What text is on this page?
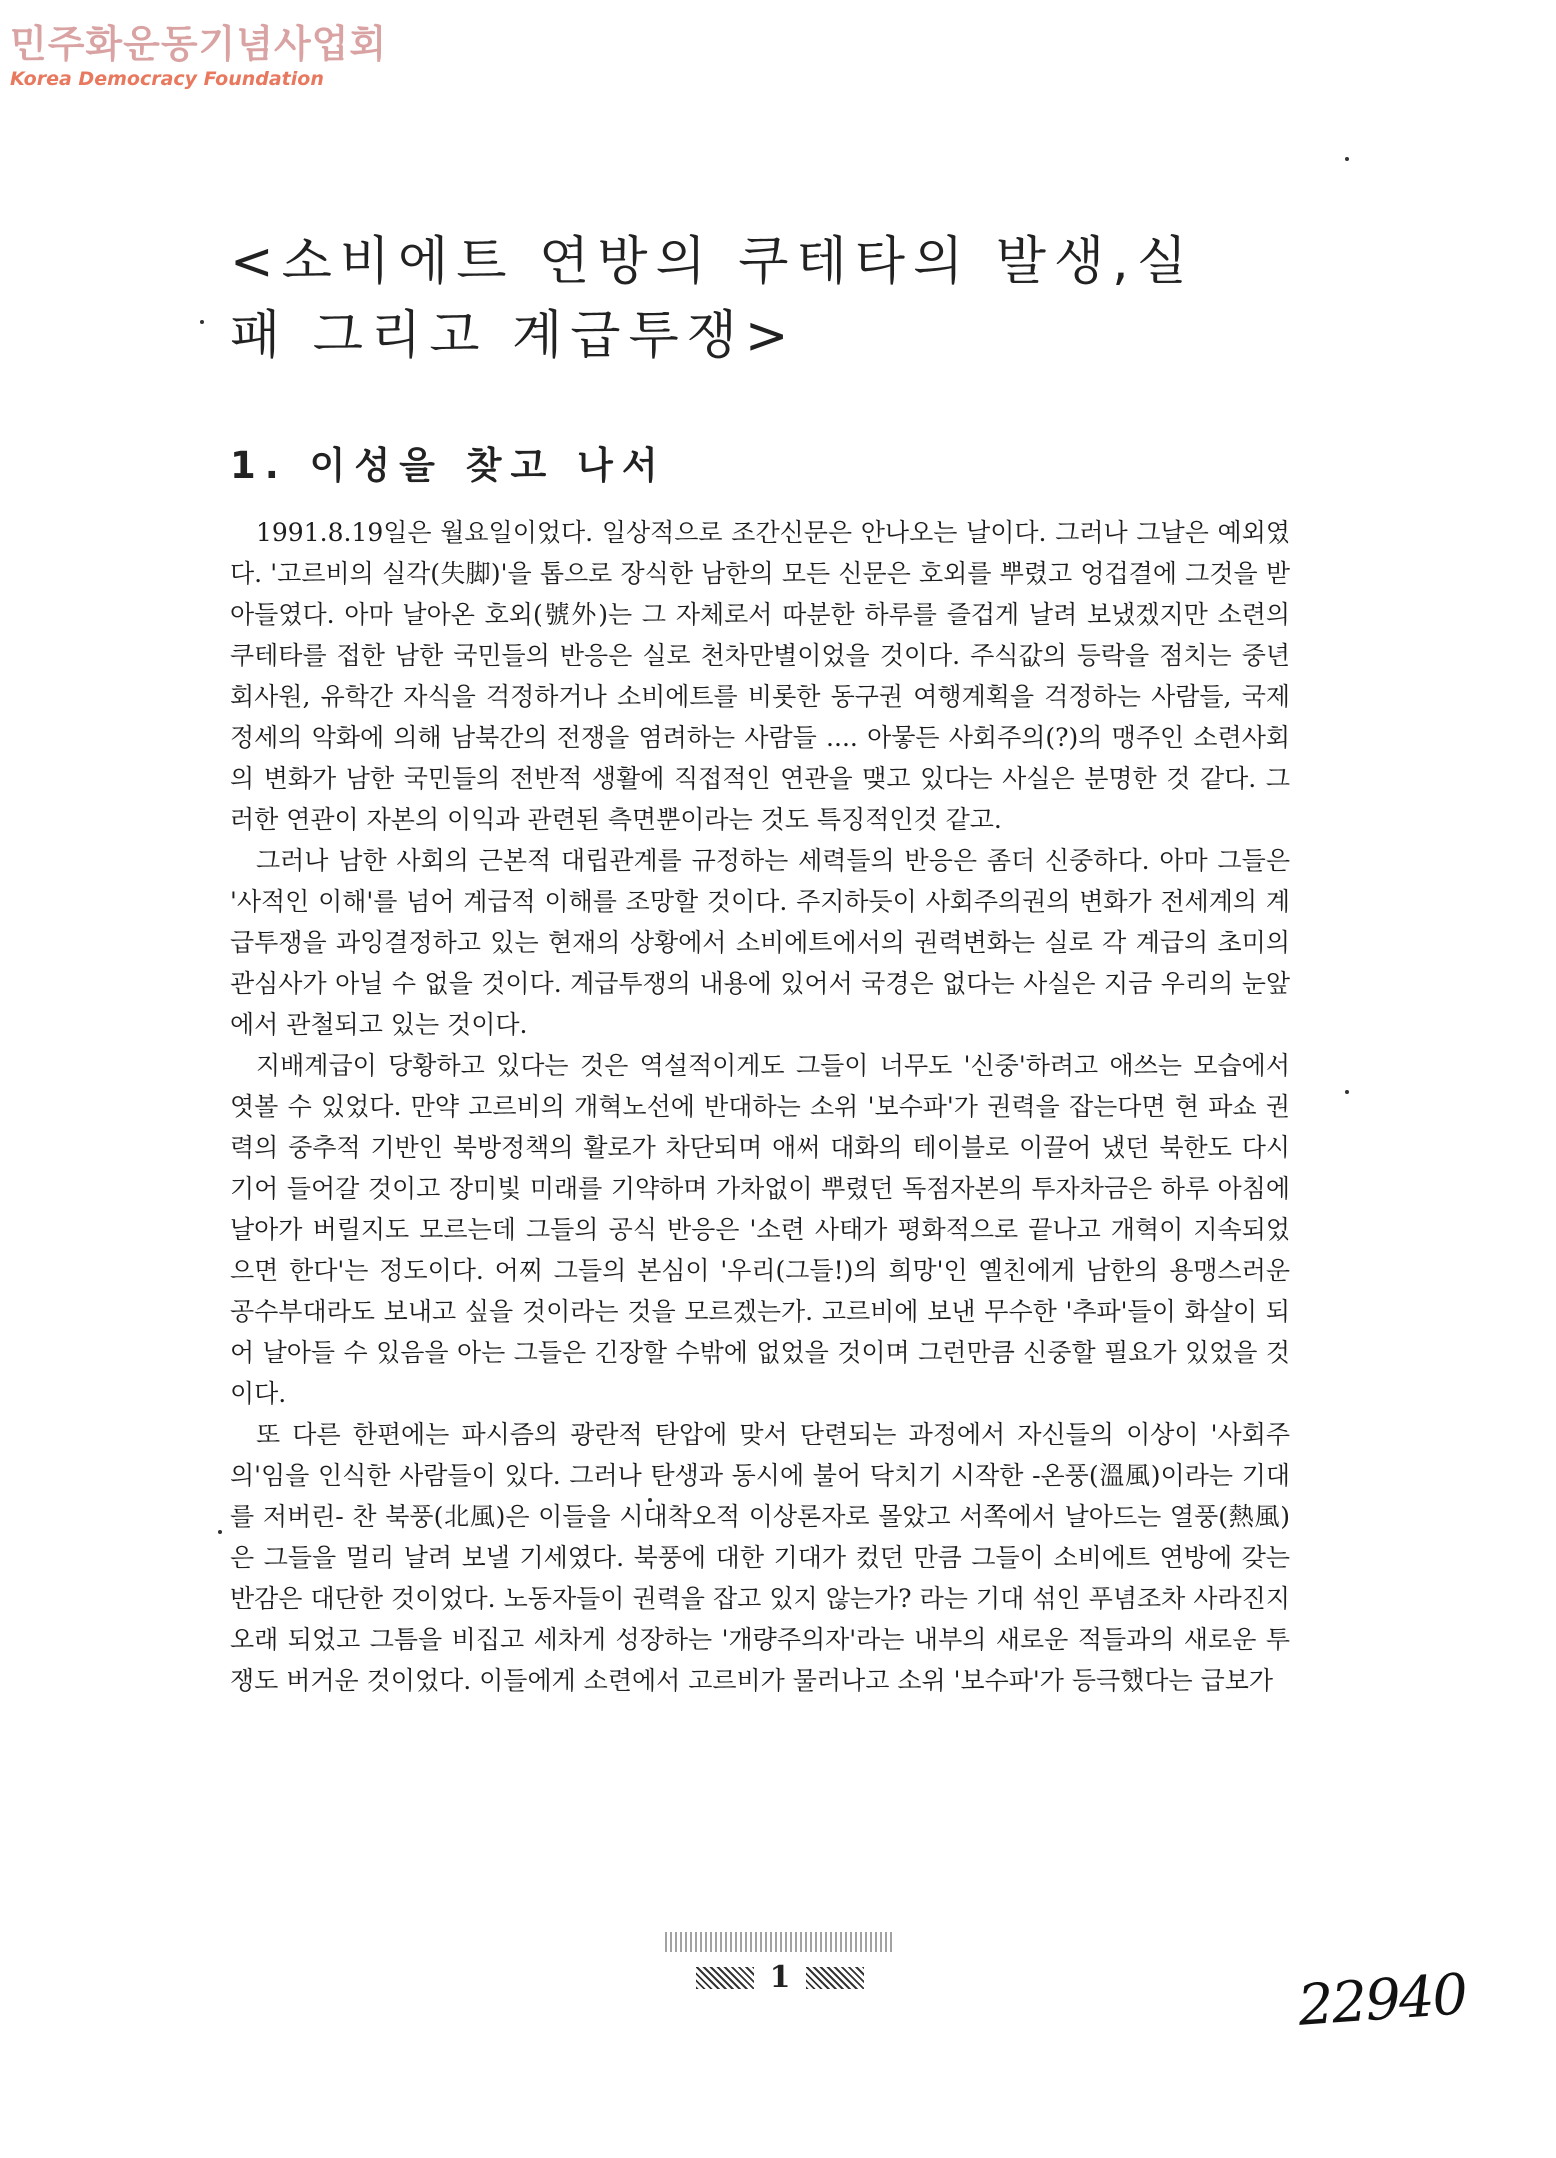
민주화운동기념사업회
Korea Democracy Foundation
<소비에트 연방의 쿠테타의 발생,실패 그리고 계급투쟁>
1. 이성을 찾고 나서

1991.8.19일은 월요일이었다. 일상적으로 조간신문은 안나오는 날이다. 그러나 그날은 예외였다. '고르비의 실각(失脚)'을 톱으로 장식한 남한의 모든 신문은 호외를 뿌렸고 엉겁결에 그것을 받아들였다. 아마 날아온 호외(號外)는 그 자체로서 따분한 하루를 즐겁게 날려 보냈겠지만 소련의 쿠테타를 접한 남한 국민들의 반응은 실로 천차만별이었을 것이다. 주식값의 등락을 점치는 중년 회사원, 유학간 자식을 걱정하거나 소비에트를 비롯한 동구권 여행계획을 걱정하는 사람들, 국제정세의 악화에 의해 남북간의 전쟁을 염려하는 사람들 .... 아뭏든 사회주의(?)의 맹주인 소련사회의 변화가 남한 국민들의 전반적 생활에 직접적인 연관을 맺고 있다는 사실은 분명한 것 같다. 그러한 연관이 자본의 이익과 관련된 측면뿐이라는 것도 특징적인것 같고.

그러나 남한 사회의 근본적 대립관계를 규정하는 세력들의 반응은 좀더 신중하다. 아마 그들은 '사적인 이해'를 넘어 계급적 이해를 조망할 것이다. 주지하듯이 사회주의권의 변화가 전세계의 계급투쟁을 과잉결정하고 있는 현재의 상황에서 소비에트에서의 권력변화는 실로 각 계급의 초미의 관심사가 아닐 수 없을 것이다. 계급투쟁의 내용에 있어서 국경은 없다는 사실은 지금 우리의 눈앞에서 관철되고 있는 것이다.

지배계급이 당황하고 있다는 것은 역설적이게도 그들이 너무도 '신중'하려고 애쓰는 모습에서 엿볼 수 있었다. 만약 고르비의 개혁노선에 반대하는 소위 '보수파'가 권력을 잡는다면 현 파쇼 권력의 중추적 기반인 북방정책의 활로가 차단되며 애써 대화의 테이블로 이끌어 냈던 북한도 다시 기어 들어갈 것이고 장미빛 미래를 기약하며 가차없이 뿌렸던 독점자본의 투자차금은 하루 아침에 날아가 버릴지도 모르는데 그들의 공식 반응은 '소련 사태가 평화적으로 끝나고 개혁이 지속되었으면 한다'는 정도이다. 어찌 그들의 본심이 '우리(그들!)의 희망'인 옐친에게 남한의 용맹스러운 공수부대라도 보내고 싶을 것이라는 것을 모르겠는가. 고르비에 보낸 무수한 '추파'들이 화살이 되어 날아들 수 있음을 아는 그들은 긴장할 수밖에 없었을 것이며 그런만큼 신중할 필요가 있었을 것이다.

또 다른 한편에는 파시즘의 광란적 탄압에 맞서 단련되는 과정에서 자신들의 이상이 '사회주의'임을 인식한 사람들이 있다. 그러나 탄생과 동시에 불어 닥치기 시작한 -온풍(溫風)이라는 기대를 저버린- 찬 북풍(北風)은 이들을 시대착오적 이상론자로 몰았고 서쪽에서 날아드는 열풍(熱風)은 그들을 멀리 날려 보낼 기세였다. 북풍에 대한 기대가 컸던 만큼 그들이 소비에트 연방에 갖는 반감은 대단한 것이었다. 노동자들이 권력을 잡고 있지 않는가? 라는 기대 섞인 푸념조차 사라진지 오래 되었고 그틈을 비집고 세차게 성장하는 '개량주의자'라는 내부의 새로운 적들과의 새로운 투쟁도 버거운 것이었다. 이들에게 소련에서 고르비가 물러나고 소위 '보수파'가 등극했다는 급보가

1	22940
